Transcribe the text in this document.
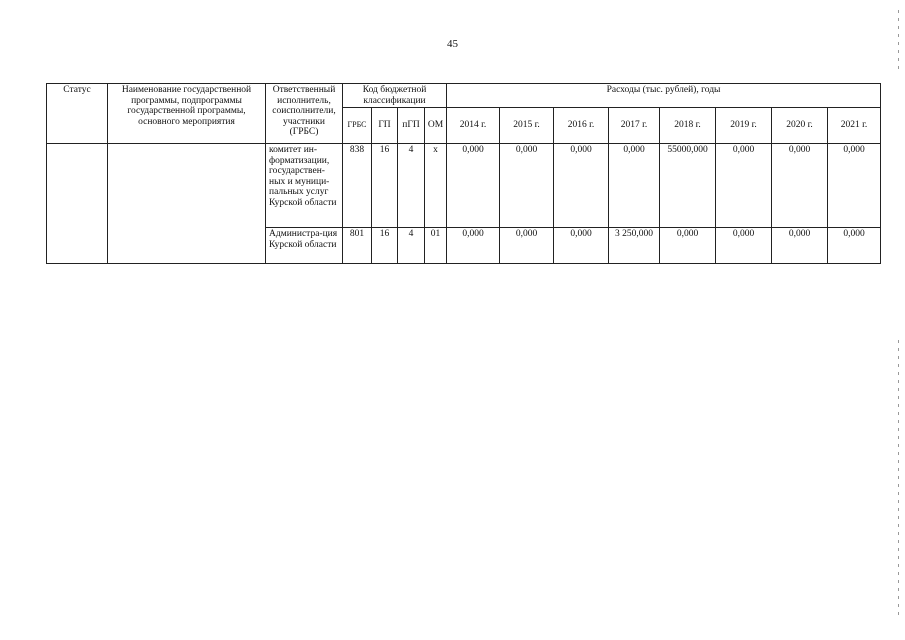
45
Статус	Наименование государственной программы, подпрограммы государственной программы, основного мероприятия	Ответственный исполнитель, соисполнители, участники (ГРБС)	Код бюджетной классификации				Расходы (тыс. рублей), годы							
			ГРБС	ГП	пГП	ОМ	2014 г.	2015 г.	2016 г.	2017 г.	2018 г.	2019 г.	2020 г.	2021 г.
		комитет ин-форматизации, государствен-ных и муници-пальных услуг Курской области	838	16	4	х	0,000	0,000	0,000	0,000	55000,000	0,000	0,000	0,000
		Администра-ция Курской области	801	16	4	01	0,000	0,000	0,000	3 250,000	0,000	0,000	0,000	0,000
